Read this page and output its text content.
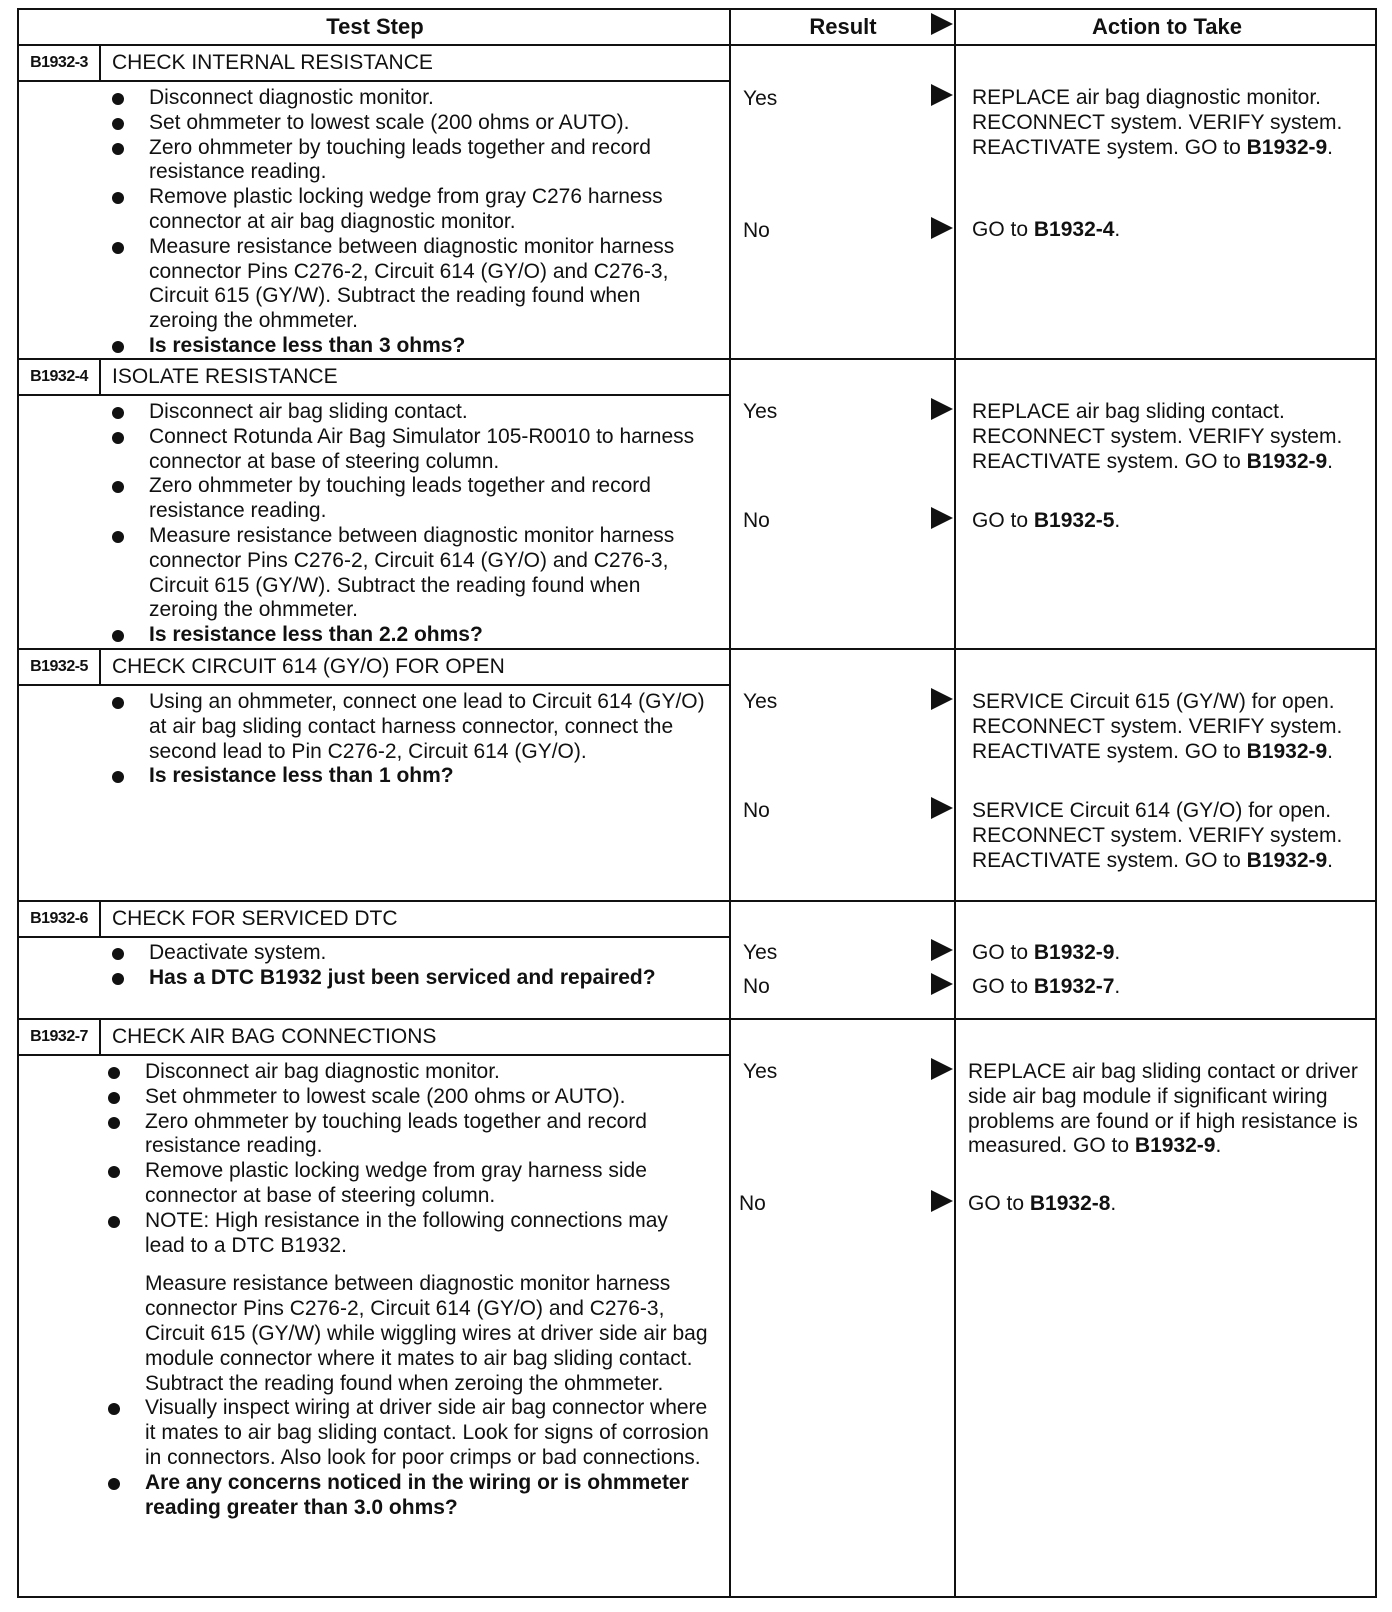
Test Step	Result	Action to Take
B1932-3	CHECK INTERNAL RESISTANCE
Disconnect diagnostic monitor.
Set ohmmeter to lowest scale (200 ohms or AUTO).
Zero ohmmeter by touching leads together and record resistance reading.
Remove plastic locking wedge from gray C276 harness connector at air bag diagnostic monitor.
Measure resistance between diagnostic monitor harness connector Pins C276-2, Circuit 614 (GY/O) and C276-3, Circuit 615 (GY/W). Subtract the reading found when zeroing the ohmmeter.
Is resistance less than 3 ohms?
Yes	REPLACE air bag diagnostic monitor. RECONNECT system. VERIFY system. REACTIVATE system. GO to B1932-9.
No	GO to B1932-4.
B1932-4	ISOLATE RESISTANCE
Disconnect air bag sliding contact.
Connect Rotunda Air Bag Simulator 105-R0010 to harness connector at base of steering column.
Zero ohmmeter by touching leads together and record resistance reading.
Measure resistance between diagnostic monitor harness connector Pins C276-2, Circuit 614 (GY/O) and C276-3, Circuit 615 (GY/W). Subtract the reading found when zeroing the ohmmeter.
Is resistance less than 2.2 ohms?
Yes	REPLACE air bag sliding contact. RECONNECT system. VERIFY system. REACTIVATE system. GO to B1932-9.
No	GO to B1932-5.
B1932-5	CHECK CIRCUIT 614 (GY/O) FOR OPEN
Using an ohmmeter, connect one lead to Circuit 614 (GY/O) at air bag sliding contact harness connector, connect the second lead to Pin C276-2, Circuit 614 (GY/O).
Is resistance less than 1 ohm?
Yes	SERVICE Circuit 615 (GY/W) for open. RECONNECT system. VERIFY system. REACTIVATE system. GO to B1932-9.
No	SERVICE Circuit 614 (GY/O) for open. RECONNECT system. VERIFY system. REACTIVATE system. GO to B1932-9.
B1932-6	CHECK FOR SERVICED DTC
Deactivate system.
Has a DTC B1932 just been serviced and repaired?
Yes	GO to B1932-9.
No	GO to B1932-7.
B1932-7	CHECK AIR BAG CONNECTIONS
Disconnect air bag diagnostic monitor.
Set ohmmeter to lowest scale (200 ohms or AUTO).
Zero ohmmeter by touching leads together and record resistance reading.
Remove plastic locking wedge from gray harness side connector at base of steering column.
NOTE: High resistance in the following connections may lead to a DTC B1932.
Measure resistance between diagnostic monitor harness connector Pins C276-2, Circuit 614 (GY/O) and C276-3, Circuit 615 (GY/W) while wiggling wires at driver side air bag module connector where it mates to air bag sliding contact. Subtract the reading found when zeroing the ohmmeter.
Visually inspect wiring at driver side air bag connector where it mates to air bag sliding contact. Look for signs of corrosion in connectors. Also look for poor crimps or bad connections.
Are any concerns noticed in the wiring or is ohmmeter reading greater than 3.0 ohms?
Yes	REPLACE air bag sliding contact or driver side air bag module if significant wiring problems are found or if high resistance is measured. GO to B1932-9.
No	GO to B1932-8.
